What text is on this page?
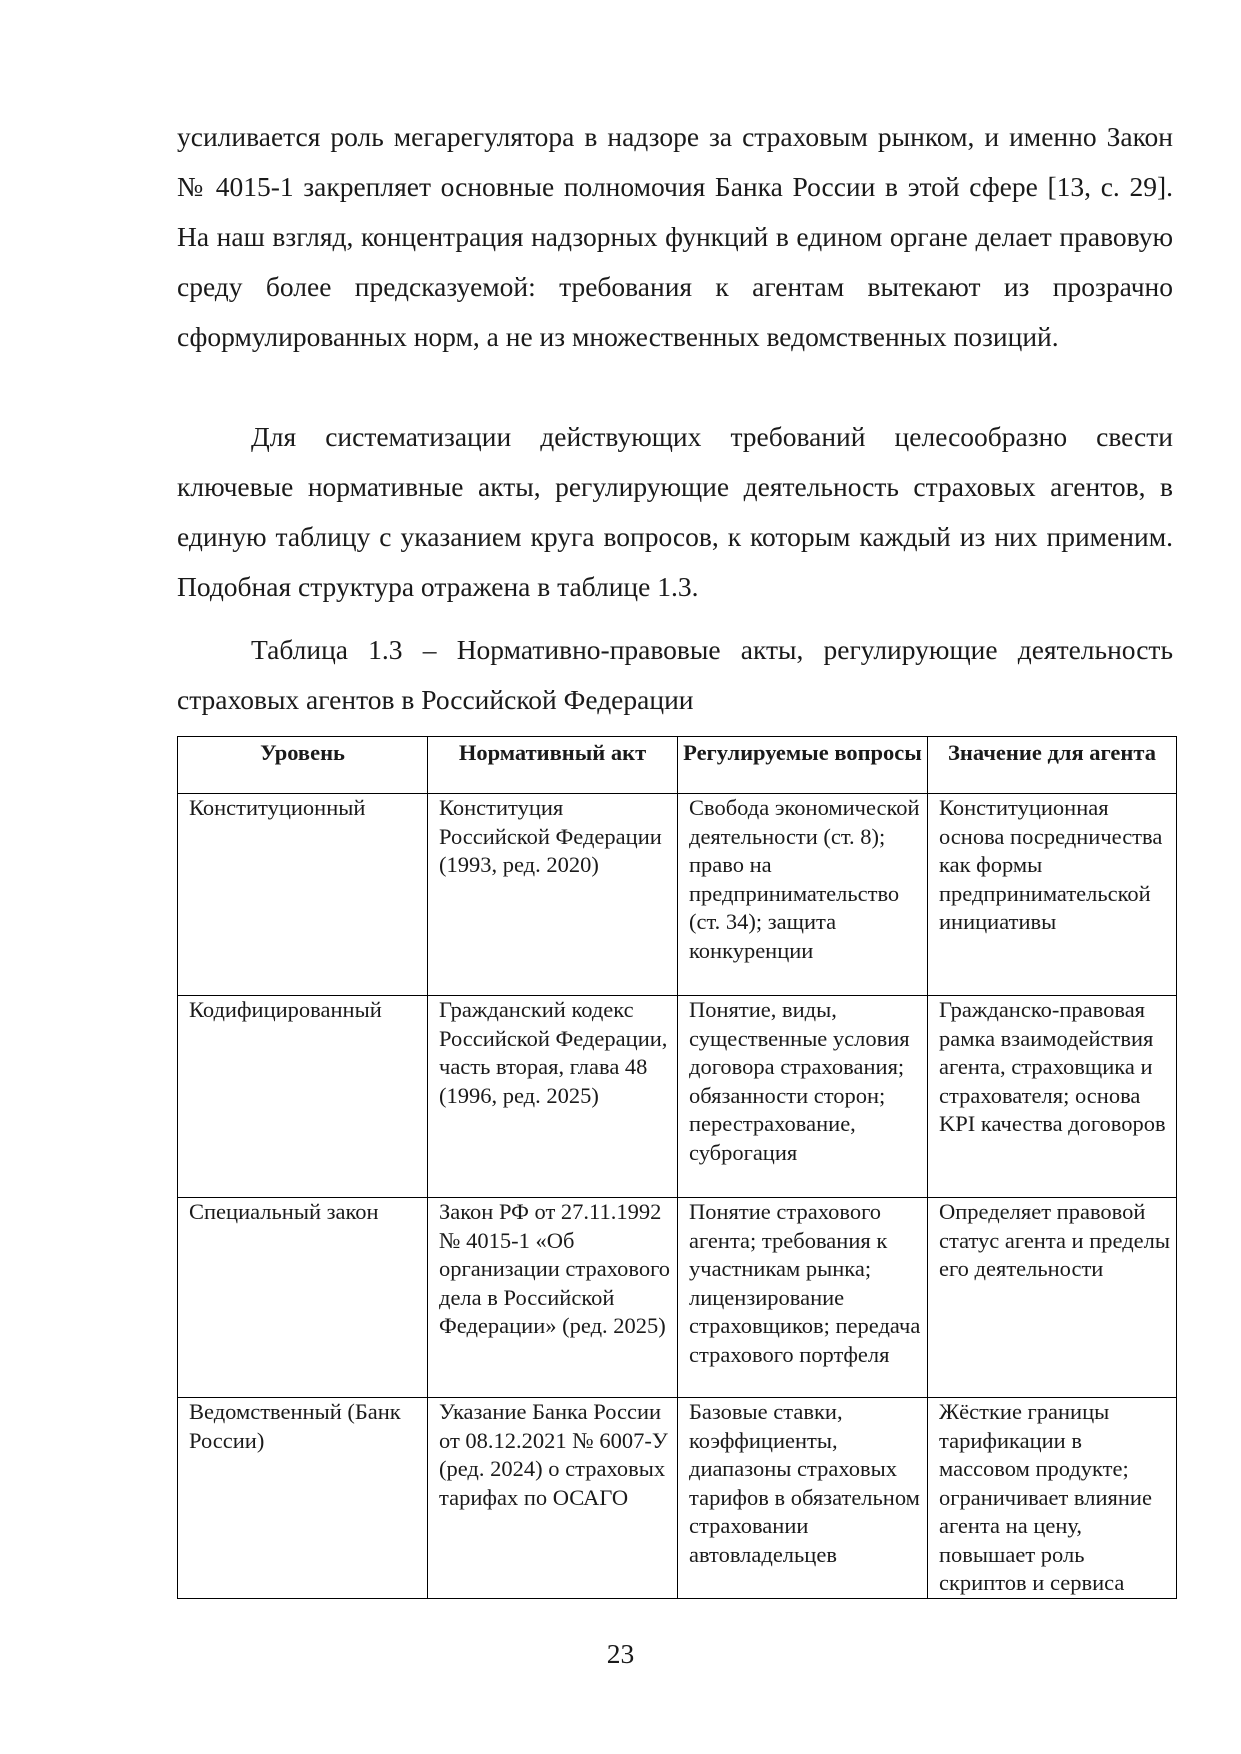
усиливается роль мегарегулятора в надзоре за страховым рынком, и именно Закон № 4015-1 закрепляет основные полномочия Банка России в этой сфере [13, с. 29]. На наш взгляд, концентрация надзорных функций в едином органе делает правовую среду более предсказуемой: требования к агентам вытекают из прозрачно сформулированных норм, а не из множественных ведомственных позиций.

Для систематизации действующих требований целесообразно свести ключевые нормативные акты, регулирующие деятельность страховых агентов, в единую таблицу с указанием круга вопросов, к которым каждый из них применим. Подобная структура отражена в таблице 1.3.

Таблица 1.3 – Нормативно-правовые акты, регулирующие деятельность страховых агентов в Российской Федерации

Уровень	Нормативный акт	Регулируемые вопросы	Значение для агента
Конституционный	Конституция Российской Федерации (1993, ред. 2020)	Свобода экономической деятельности (ст. 8); право на предпринимательство (ст. 34); защита конкуренции	Конституционная основа посредничества как формы предпринимательской инициативы
Кодифицированный	Гражданский кодекс Российской Федерации, часть вторая, глава 48 (1996, ред. 2025)	Понятие, виды, существенные условия договора страхования; обязанности сторон; перестрахование, суброгация	Гражданско-правовая рамка взаимодействия агента, страховщика и страхователя; основа KPI качества договоров
Специальный закон	Закон РФ от 27.11.1992 № 4015-1 «Об организации страхового дела в Российской Федерации» (ред. 2025)	Понятие страхового агента; требования к участникам рынка; лицензирование страховщиков; передача страхового портфеля	Определяет правовой статус агента и пределы его деятельности
Ведомственный (Банк России)	Указание Банка России от 08.12.2021 № 6007-У (ред. 2024) о страховых тарифах по ОСАГО	Базовые ставки, коэффициенты, диапазоны страховых тарифов в обязательном страховании автовладельцев	Жёсткие границы тарификации в массовом продукте; ограничивает влияние агента на цену, повышает роль скриптов и сервиса

23
